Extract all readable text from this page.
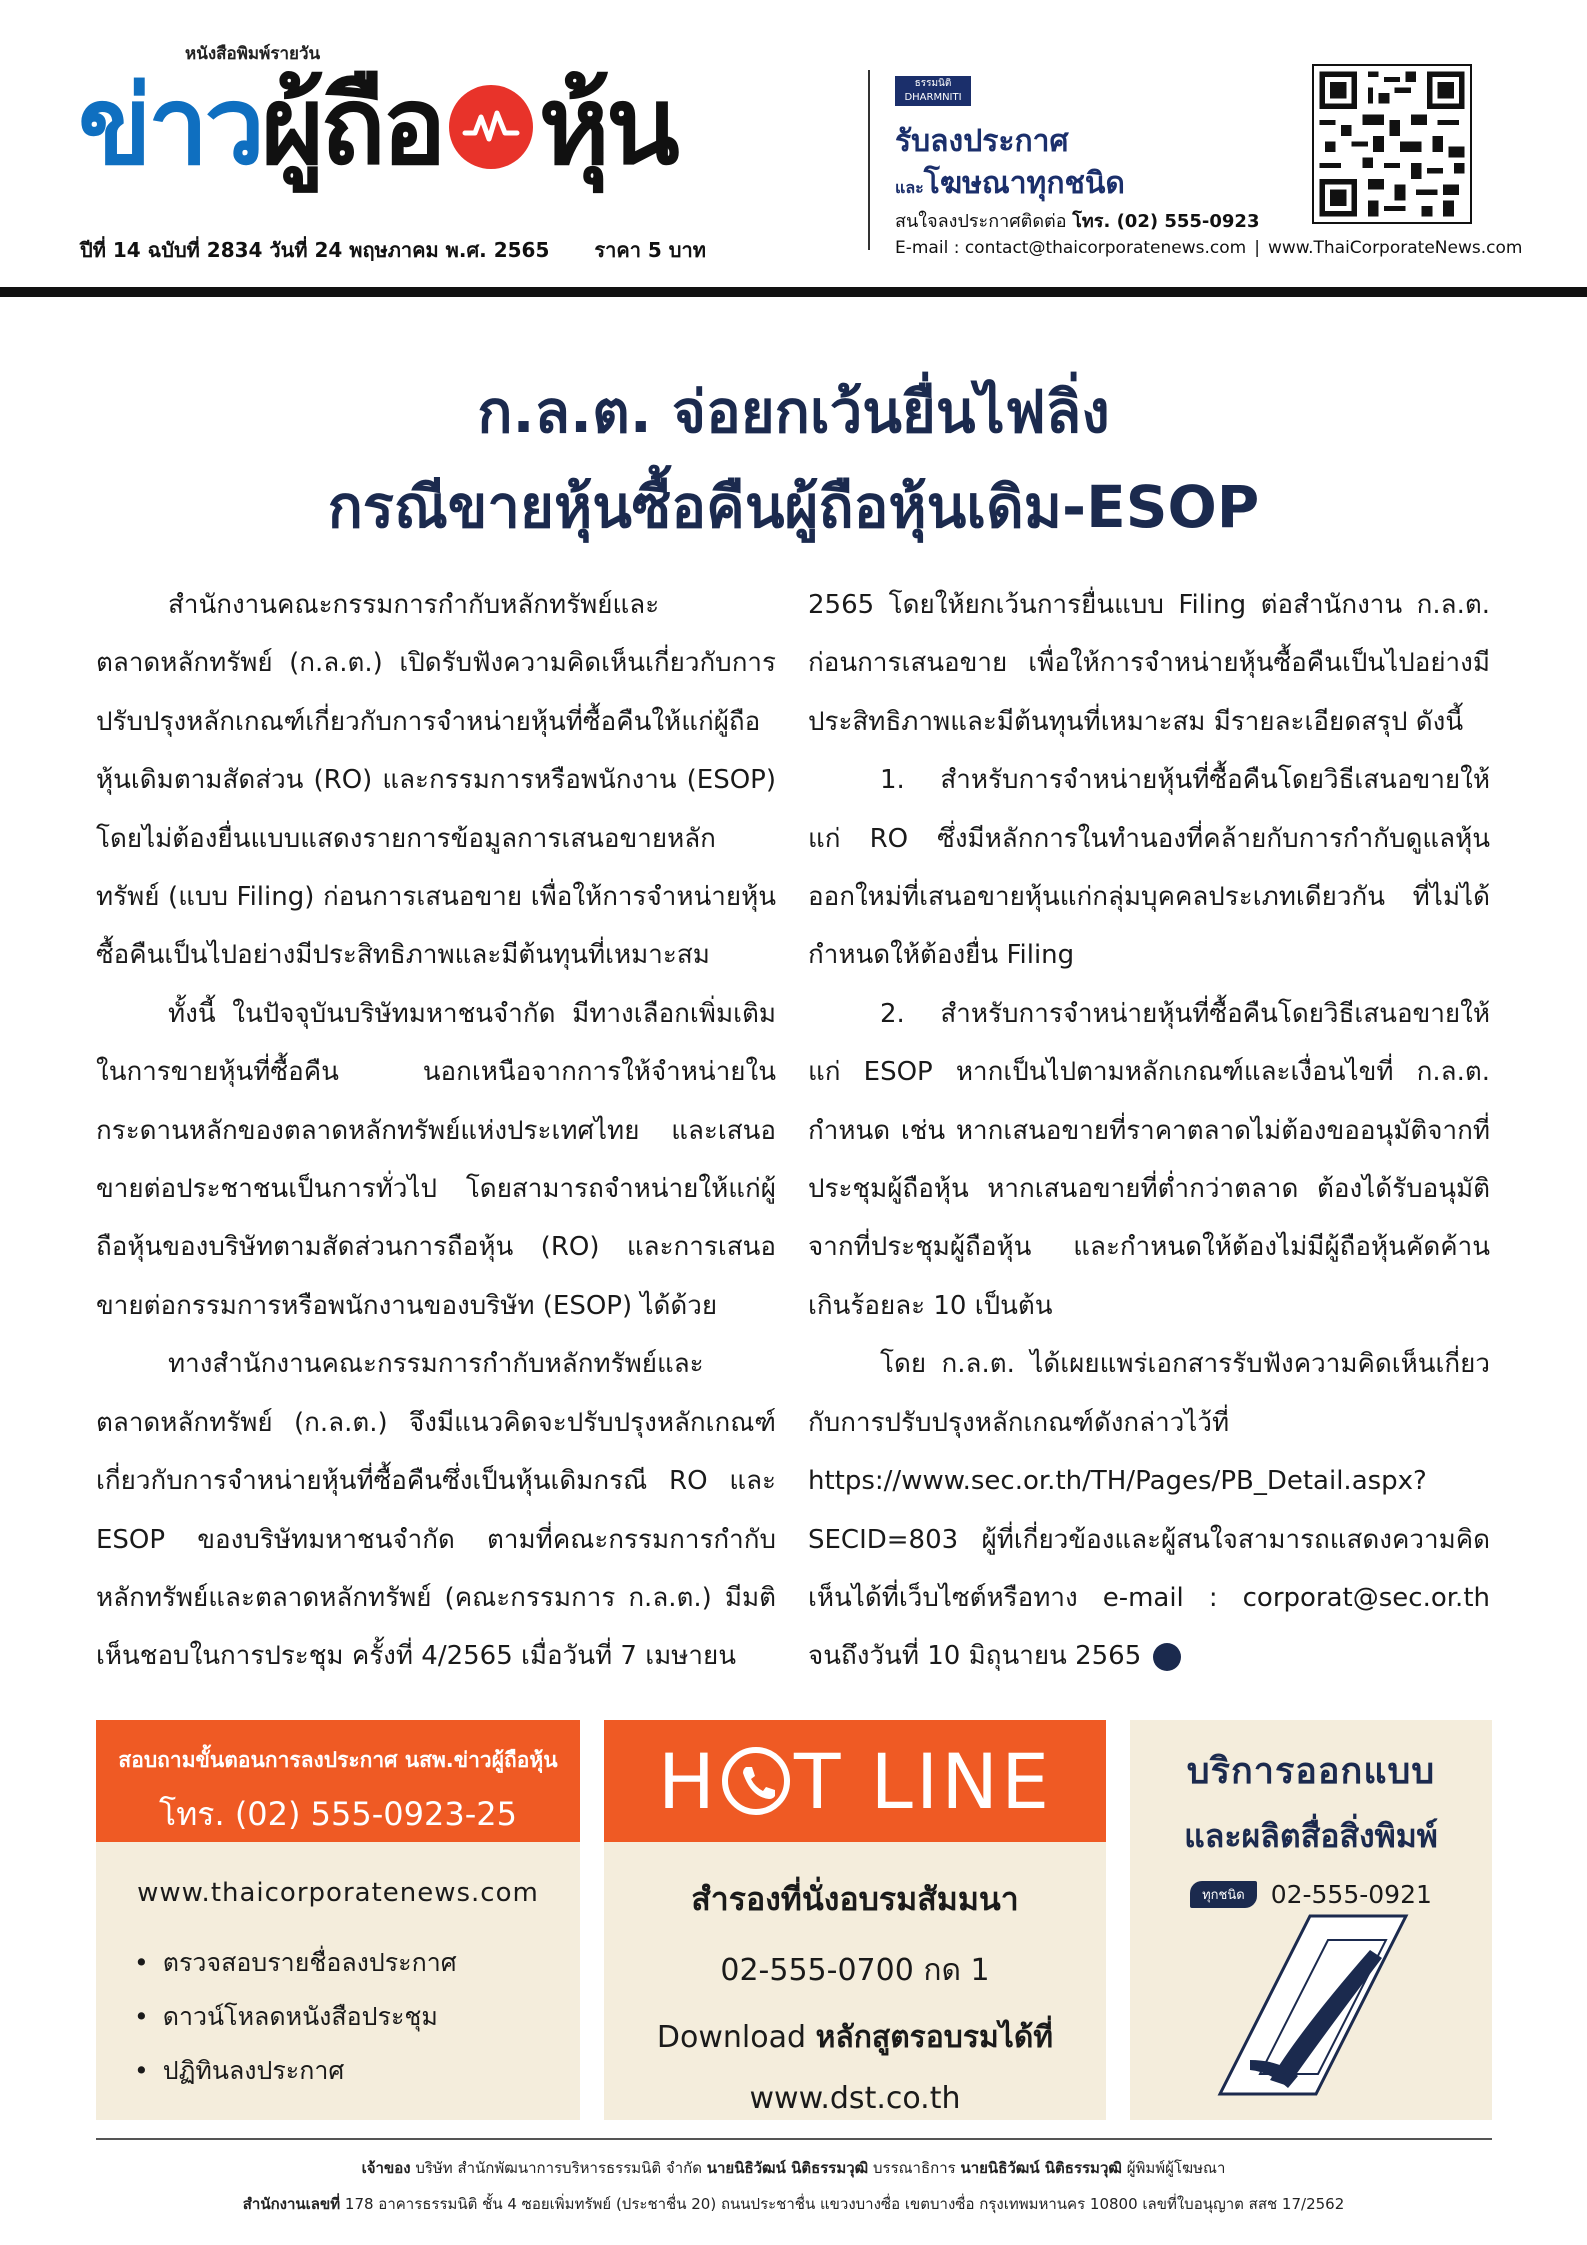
หนังสือพิมพ์รายวัน
ข่าว ผู้ถือ หุ้น
ปีที่ 14 ฉบับที่ 2834 วันที่ 24 พฤษภาคม พ.ศ. 2565 ราคา 5 บาท
ธรรมนิติ
DHARMNITI
รับลงประกาศ
และโฆษณาทุกชนิด
สนใจลงประกาศติดต่อ โทร. (02) 555-0923
E-mail : contact@thaicorporatenews.com | www.ThaiCorporateNews.com
ก.ล.ต. จ่อยกเว้นยื่นไฟลิ่ง
กรณีขายหุ้นซื้อคืนผู้ถือหุ้นเดิม-ESOP

สำนักงานคณะกรรมการกำกับหลักทรัพย์และตลาดหลักทรัพย์ (ก.ล.ต.) เปิดรับฟังความคิดเห็นเกี่ยวกับการปรับปรุงหลักเกณฑ์เกี่ยวกับการจำหน่ายหุ้นที่ซื้อคืนให้แก่ผู้ถือหุ้นเดิมตามสัดส่วน (RO) และกรรมการหรือพนักงาน (ESOP) โดยไม่ต้องยื่นแบบแสดงรายการข้อมูลการเสนอขายหลักทรัพย์ (แบบ Filing) ก่อนการเสนอขาย เพื่อให้การจำหน่ายหุ้นซื้อคืนเป็นไปอย่างมีประสิทธิภาพและมีต้นทุนที่เหมาะสม

ทั้งนี้ ในปัจจุบันบริษัทมหาชนจำกัด มีทางเลือกเพิ่มเติมในการขายหุ้นที่ซื้อคืน นอกเหนือจากการให้จำหน่ายในกระดานหลักของตลาดหลักทรัพย์แห่งประเทศไทย และเสนอขายต่อประชาชนเป็นการทั่วไป โดยสามารถจำหน่ายให้แก่ผู้ถือหุ้นของบริษัทตามสัดส่วนการถือหุ้น (RO) และการเสนอขายต่อกรรมการหรือพนักงานของบริษัท (ESOP) ได้ด้วย

ทางสำนักงานคณะกรรมการกำกับหลักทรัพย์และตลาดหลักทรัพย์ (ก.ล.ต.) จึงมีแนวคิดจะปรับปรุงหลักเกณฑ์เกี่ยวกับการจำหน่ายหุ้นที่ซื้อคืนซึ่งเป็นหุ้นเดิมกรณี RO และ ESOP ของบริษัทมหาชนจำกัด ตามที่คณะกรรมการกำกับหลักทรัพย์และตลาดหลักทรัพย์ (คณะกรรมการ ก.ล.ต.) มีมติเห็นชอบในการประชุม ครั้งที่ 4/2565 เมื่อวันที่ 7 เมษายน

2565 โดยให้ยกเว้นการยื่นแบบ Filing ต่อสำนักงาน ก.ล.ต. ก่อนการเสนอขาย เพื่อให้การจำหน่ายหุ้นซื้อคืนเป็นไปอย่างมีประสิทธิภาพและมีต้นทุนที่เหมาะสม มีรายละเอียดสรุป ดังนี้

1. สำหรับการจำหน่ายหุ้นที่ซื้อคืนโดยวิธีเสนอขายให้แก่ RO ซึ่งมีหลักการในทำนองที่คล้ายกับการกำกับดูแลหุ้นออกใหม่ที่เสนอขายหุ้นแก่กลุ่มบุคคลประเภทเดียวกัน ที่ไม่ได้กำหนดให้ต้องยื่น Filing

2. สำหรับการจำหน่ายหุ้นที่ซื้อคืนโดยวิธีเสนอขายให้แก่ ESOP หากเป็นไปตามหลักเกณฑ์และเงื่อนไขที่ ก.ล.ต. กำหนด เช่น หากเสนอขายที่ราคาตลาดไม่ต้องขออนุมัติจากที่ประชุมผู้ถือหุ้น หากเสนอขายที่ต่ำกว่าตลาด ต้องได้รับอนุมัติจากที่ประชุมผู้ถือหุ้น และกำหนดให้ต้องไม่มีผู้ถือหุ้นคัดค้านเกินร้อยละ 10 เป็นต้น

โดย ก.ล.ต. ได้เผยแพร่เอกสารรับฟังความคิดเห็นเกี่ยวกับการปรับปรุงหลักเกณฑ์ดังกล่าวไว้ที่ https://www.sec.or.th/TH/Pages/PB_Detail.aspx?SECID=803 ผู้ที่เกี่ยวข้องและผู้สนใจสามารถแสดงความคิดเห็นได้ที่เว็บไซต์หรือทาง e-mail : corporat@sec.or.th จนถึงวันที่ 10 มิถุนายน 2565

สอบถามขั้นตอนการลงประกาศ นสพ.ข่าวผู้ถือหุ้น
โทร. (02) 555-0923-25
www.thaicorporatenews.com
• ตรวจสอบรายชื่อลงประกาศ
• ดาวน์โหลดหนังสือประชุม
• ปฏิทินลงประกาศ
H T LINE
สำรองที่นั่งอบรมสัมมนา
02-555-0700 กด 1
Download หลักสูตรอบรมได้ที่
www.dst.co.th
บริการออกแบบ
และผลิตสื่อสิ่งพิมพ์
ทุกชนิด	02-555-0921
เจ้าของ บริษัท สำนักพัฒนาการบริหารธรรมนิติ จำกัด นายนิธิวัฒน์ นิติธรรมวุฒิ บรรณาธิการ นายนิธิวัฒน์ นิติธรรมวุฒิ ผู้พิมพ์ผู้โฆษณา
สำนักงานเลขที่ 178 อาคารธรรมนิติ ชั้น 4 ซอยเพิ่มทรัพย์ (ประชาชื่น 20) ถนนประชาชื่น แขวงบางซื่อ เขตบางซื่อ กรุงเทพมหานคร 10800 เลขที่ใบอนุญาต สสช 17/2562
